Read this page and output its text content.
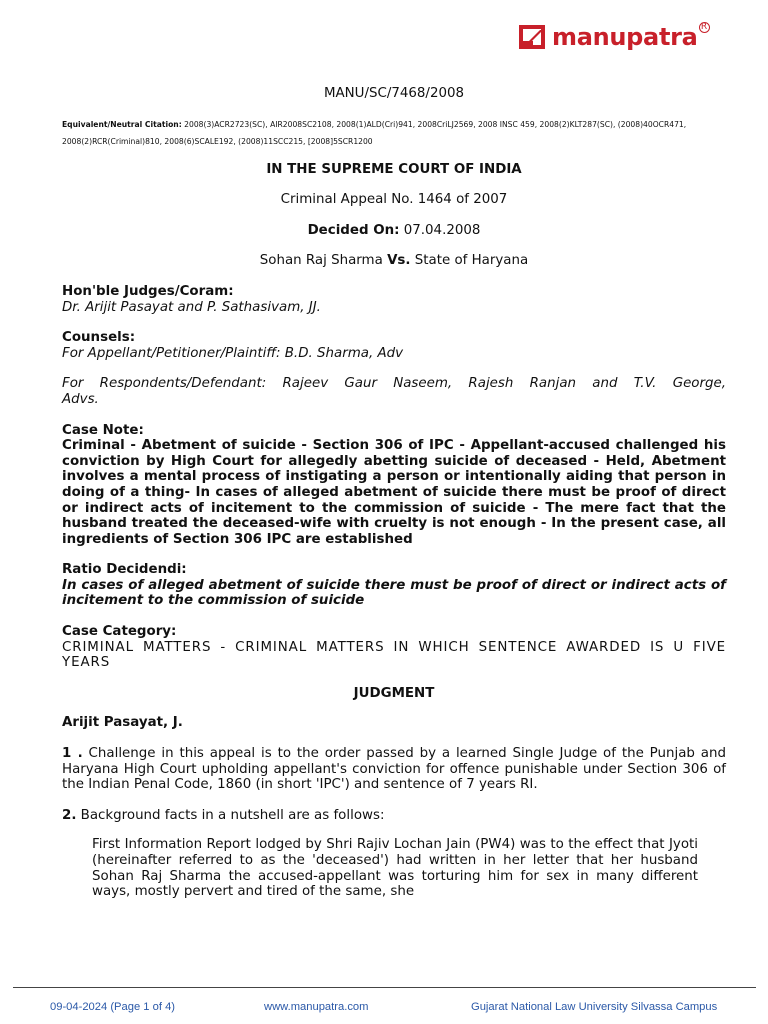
manupatra R

MANU/SC/7468/2008

Equivalent/Neutral Citation: 2008(3)ACR2723(SC), AIR2008SC2108, 2008(1)ALD(Cri)941, 2008CriLJ2569, 2008 INSC 459, 2008(2)KLT287(SC), (2008)40OCR471, 2008(2)RCR(Criminal)810, 2008(6)SCALE192, (2008)11SCC215, [2008]5SCR1200

IN THE SUPREME COURT OF INDIA

Criminal Appeal No. 1464 of 2007

Decided On: 07.04.2008

Sohan Raj Sharma Vs. State of Haryana

Hon'ble Judges/Coram:

Dr. Arijit Pasayat and P. Sathasivam, JJ.

Counsels:

For Appellant/Petitioner/Plaintiff: B.D. Sharma, Adv

For Respondents/Defendant: Rajeev Gaur Naseem, Rajesh Ranjan and T.V. George,

Advs.

Case Note:

Criminal - Abetment of suicide - Section 306 of IPC - Appellant-accused challenged his conviction by High Court for allegedly abetting suicide of deceased - Held, Abetment involves a mental process of instigating a person or intentionally aiding that person in doing of a thing- In cases of alleged abetment of suicide there must be proof of direct or indirect acts of incitement to the commission of suicide - The mere fact that the husband treated the deceased-wife with cruelty is not enough - In the present case, all ingredients of Section 306 IPC are established

Ratio Decidendi:

In cases of alleged abetment of suicide there must be proof of direct or indirect acts of incitement to the commission of suicide

Case Category:

CRIMINAL MATTERS - CRIMINAL MATTERS IN WHICH SENTENCE AWARDED IS U FIVE YEARS

JUDGMENT

Arijit Pasayat, J.

1 . Challenge in this appeal is to the order passed by a learned Single Judge of the Punjab and Haryana High Court upholding appellant's conviction for offence punishable under Section 306 of the Indian Penal Code, 1860 (in short 'IPC') and sentence of 7 years RI.

2. Background facts in a nutshell are as follows:

First Information Report lodged by Shri Rajiv Lochan Jain (PW4) was to the effect that Jyoti (hereinafter referred to as the 'deceased') had written in her letter that her husband Sohan Raj Sharma the accused-appellant was torturing him for sex in many different ways, mostly pervert and tired of the same, she

09-04-2024 (Page 1 of 4)	www.manupatra.com	Gujarat National Law University Silvassa Campus
